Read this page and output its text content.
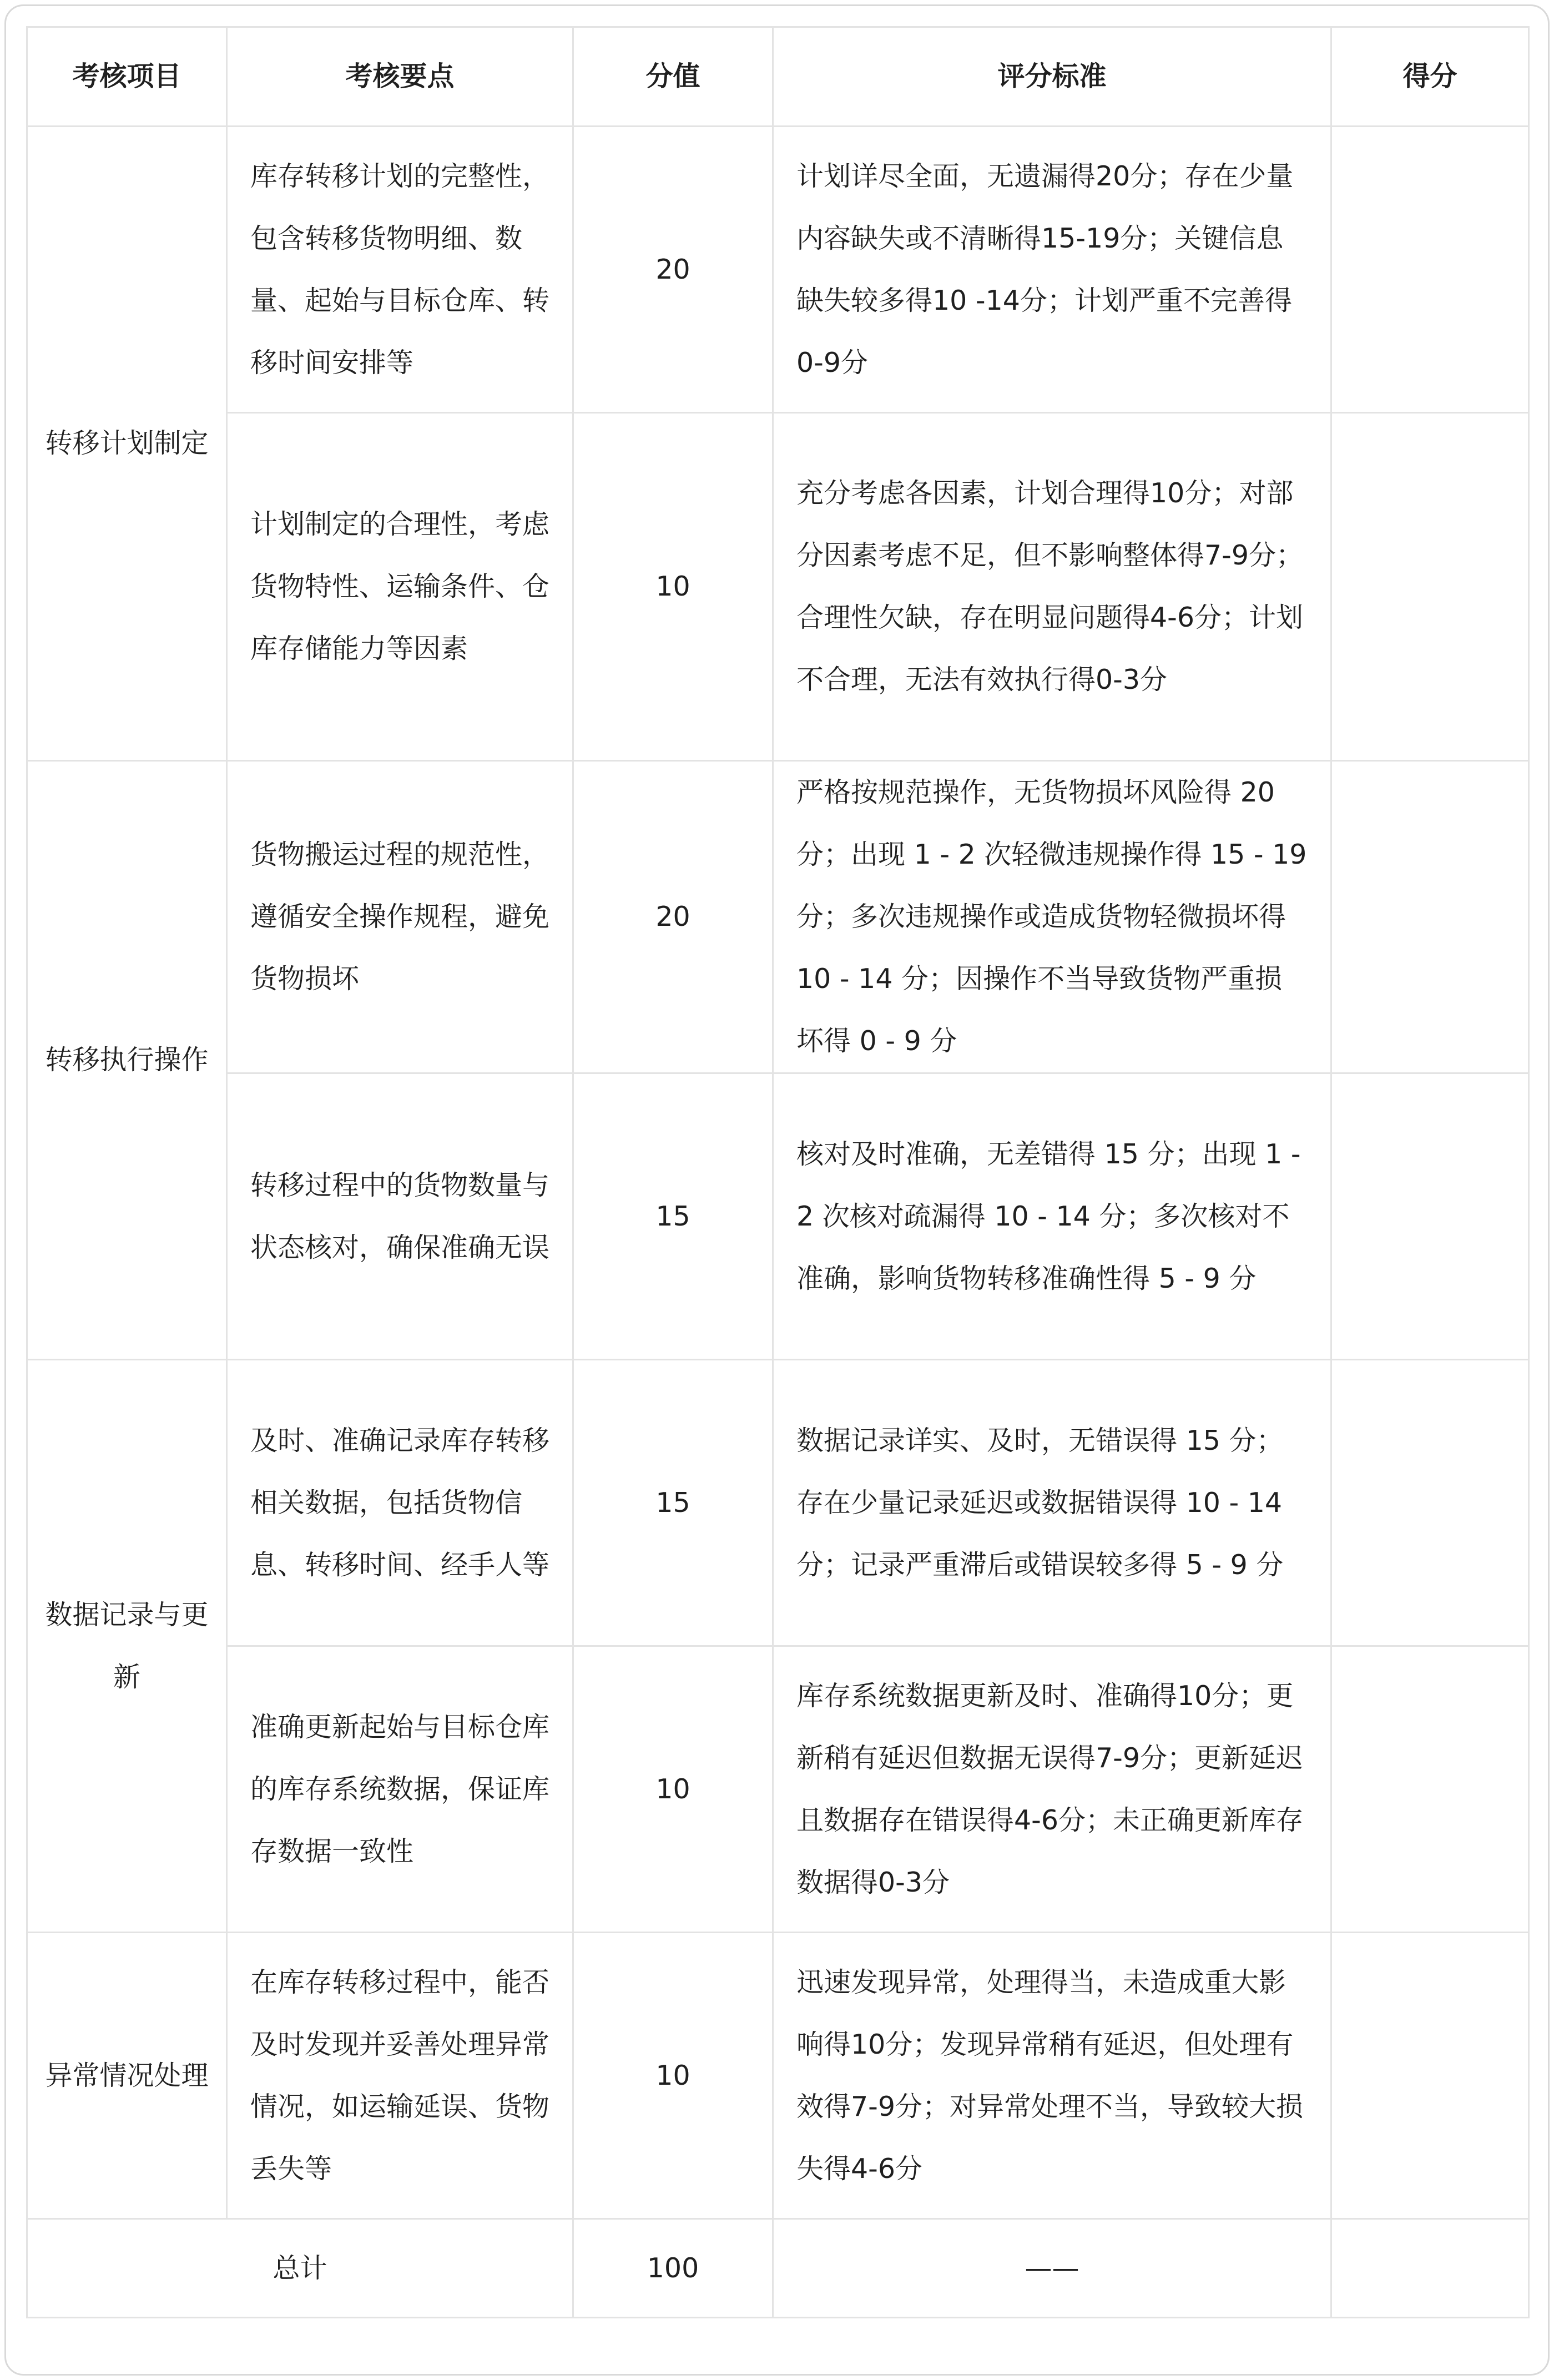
考核项目	考核要点	分值	评分标准	得分
转移计划制定	库存转移计划的完整性，包含转移货物明细、数量、起始与目标仓库、转移时间安排等	20	计划详尽全面，无遗漏得20分；存在少量内容缺失或不清晰得15-19分；关键信息缺失较多得10 -14分；计划严重不完善得0-9分	
	计划制定的合理性，考虑货物特性、运输条件、仓库存储能力等因素	10	充分考虑各因素，计划合理得10分；对部分因素考虑不足，但不影响整体得7-9分；合理性欠缺，存在明显问题得4-6分；计划不合理，无法有效执行得0-3分	
转移执行操作	货物搬运过程的规范性，遵循安全操作规程，避免货物损坏	20	严格按规范操作，无货物损坏风险得 20 分；出现 1 - 2 次轻微违规操作得 15 - 19 分；多次违规操作或造成货物轻微损坏得 10 - 14 分；因操作不当导致货物严重损坏得 0 - 9 分	
	转移过程中的货物数量与状态核对，确保准确无误	15	核对及时准确，无差错得 15 分；出现 1 - 2 次核对疏漏得 10 - 14 分；多次核对不准确，影响货物转移准确性得 5 - 9 分	
数据记录与更新	及时、准确记录库存转移相关数据，包括货物信息、转移时间、经手人等	15	数据记录详实、及时，无错误得 15 分；存在少量记录延迟或数据错误得 10 - 14 分；记录严重滞后或错误较多得 5 - 9 分	
	准确更新起始与目标仓库的库存系统数据，保证库存数据一致性	10	库存系统数据更新及时、准确得10分；更新稍有延迟但数据无误得7-9分；更新延迟且数据存在错误得4-6分；未正确更新库存数据得0-3分	
异常情况处理	在库存转移过程中，能否及时发现并妥善处理异常情况，如运输延误、货物丢失等	10	迅速发现异常，处理得当，未造成重大影响得10分；发现异常稍有延迟，但处理有效得7-9分；对异常处理不当，导致较大损失得4-6分	
总计		100	——	
